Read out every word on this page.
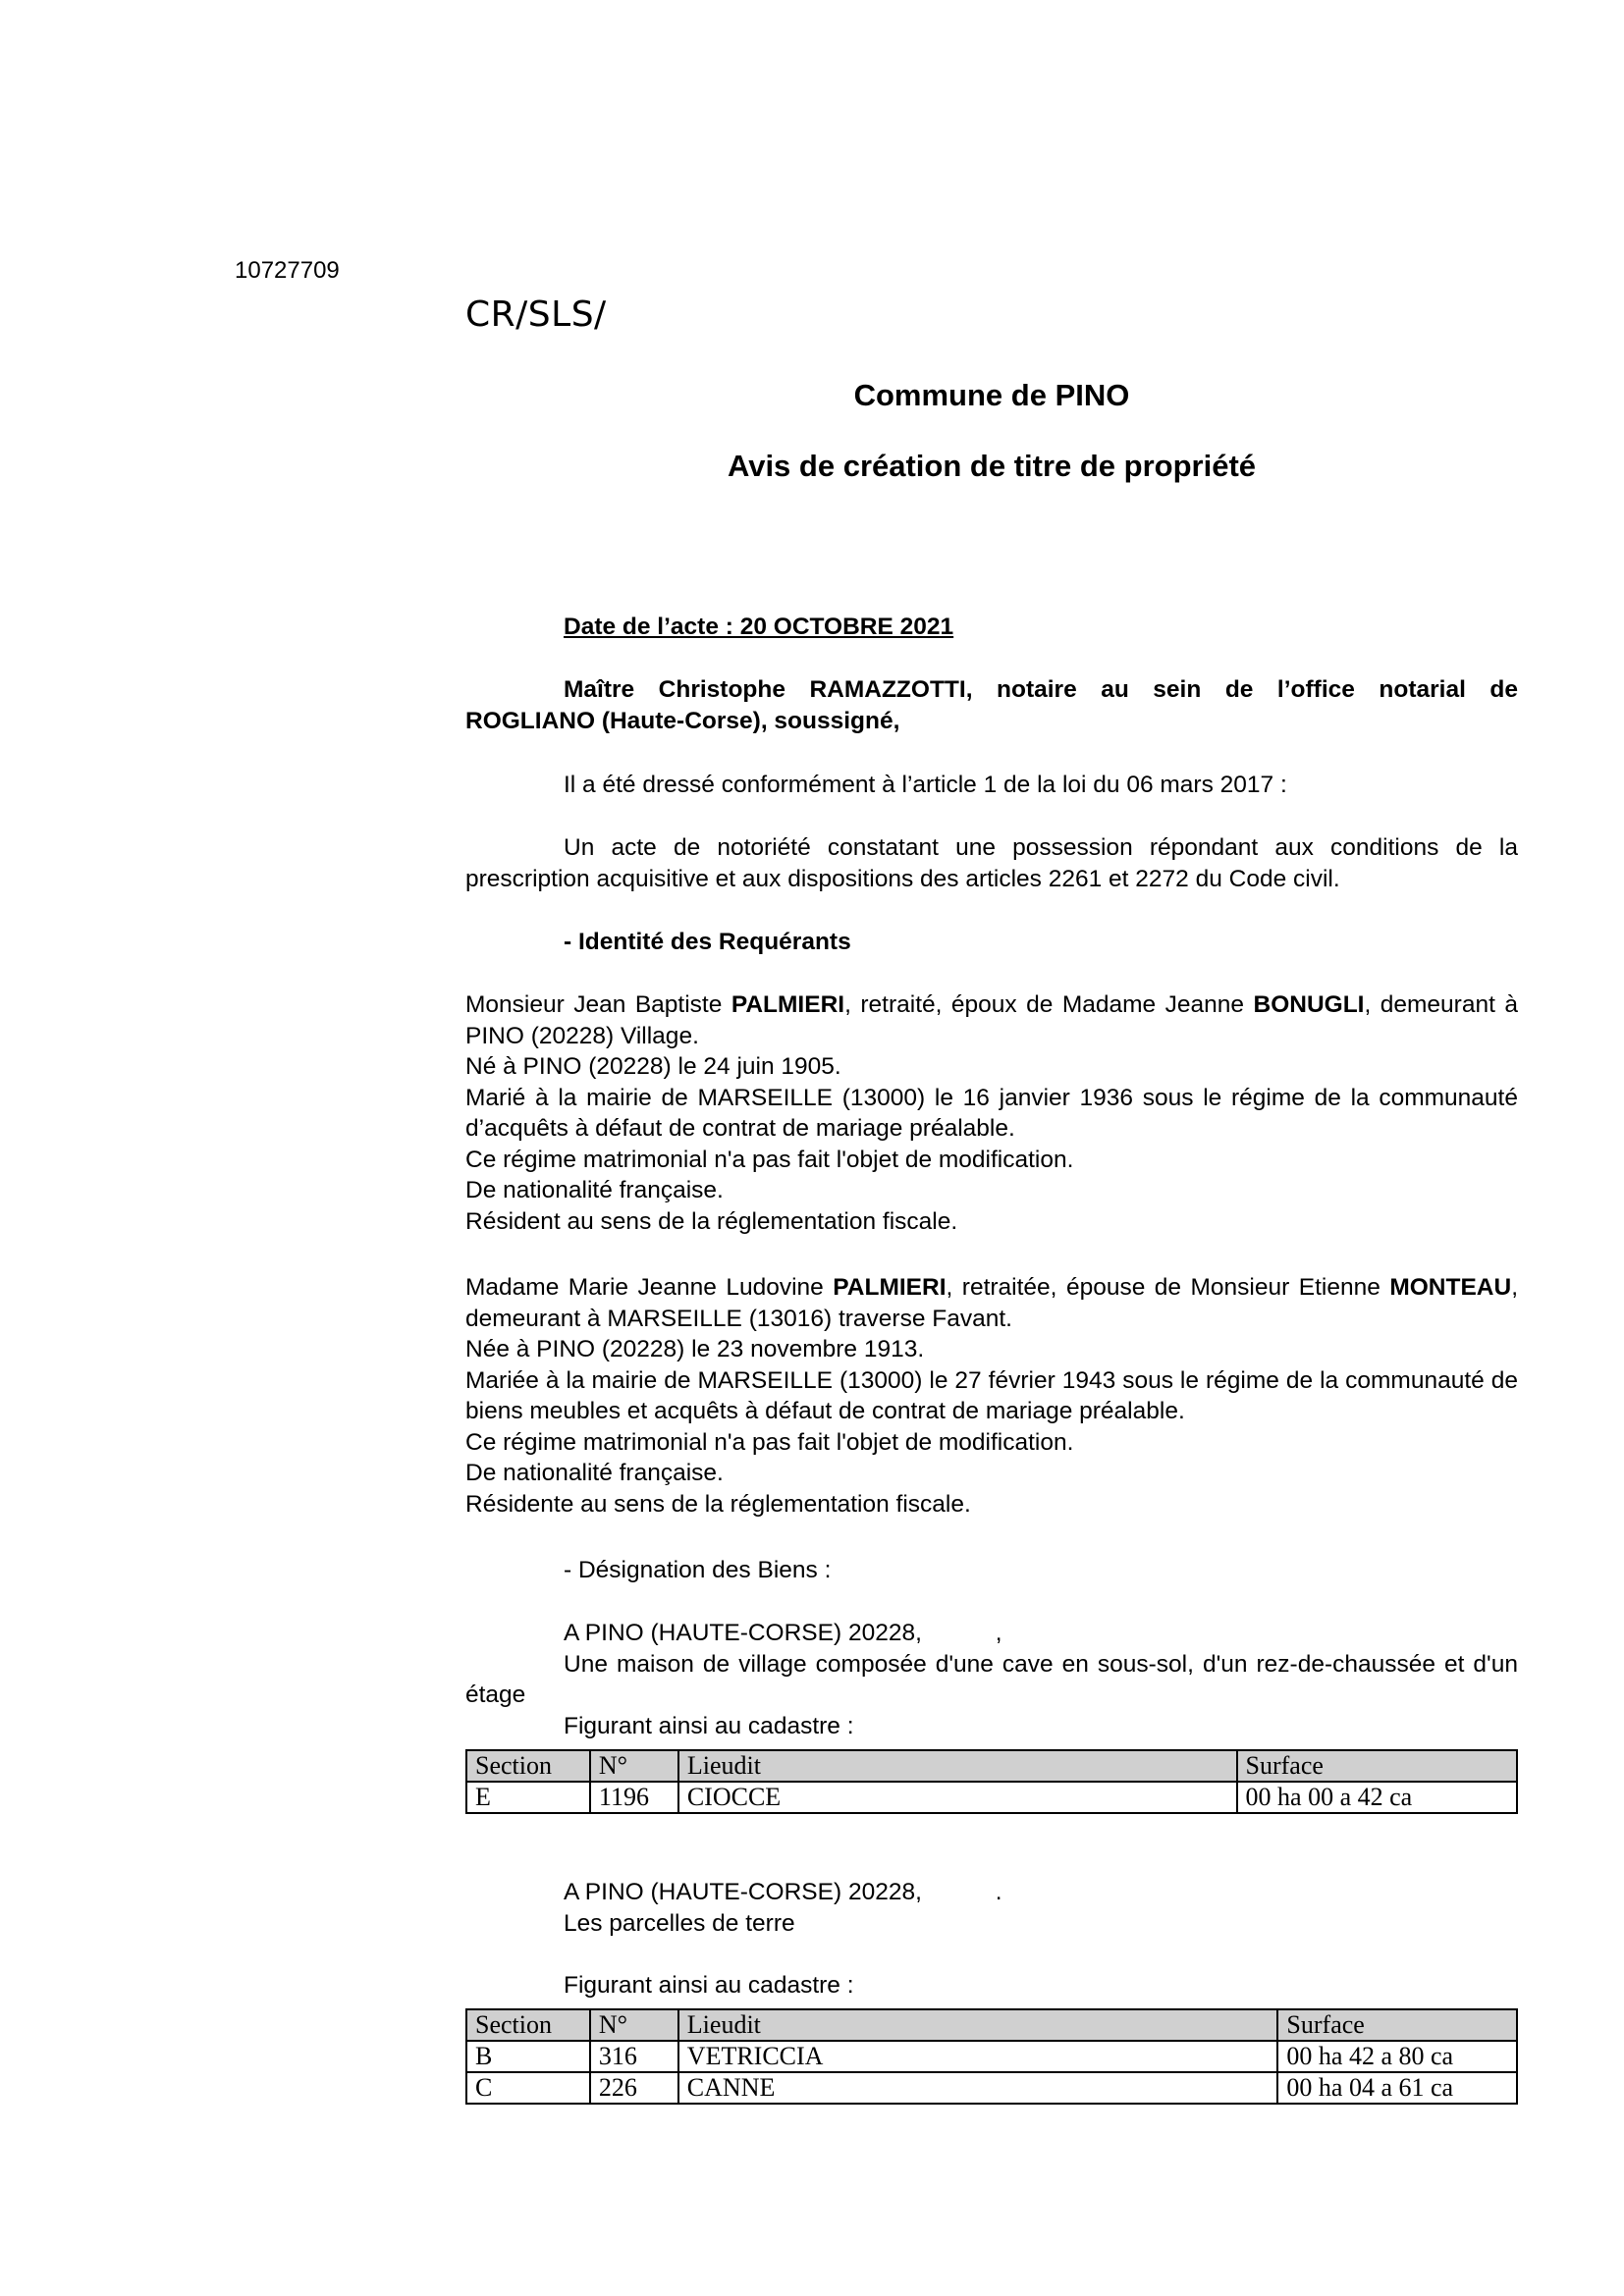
10727709
CR/SLS/
Commune de PINO
Avis de création de titre de propriété

Date de l’acte : 20 OCTOBRE 2021

Maître Christophe RAMAZZOTTI, notaire au sein de l’office notarial de
ROGLIANO (Haute-Corse), soussigné,

Il a été dressé conformément à l’article 1 de la loi du 06 mars 2017 :

Un acte de notoriété constatant une possession répondant aux conditions de la prescription acquisitive et aux dispositions des articles 2261 et 2272 du Code civil.

- Identité des Requérants

Monsieur Jean Baptiste PALMIERI, retraité, époux de Madame Jeanne BONUGLI, demeurant à PINO (20228) Village.

Né à PINO (20228) le 24 juin 1905.

Marié à la mairie de MARSEILLE (13000) le 16 janvier 1936 sous le régime de la communauté d’acquêts à défaut de contrat de mariage préalable.

Ce régime matrimonial n'a pas fait l'objet de modification.

De nationalité française.

Résident au sens de la réglementation fiscale.

Madame Marie Jeanne Ludovine PALMIERI, retraitée, épouse de Monsieur Etienne MONTEAU, demeurant à MARSEILLE (13016) traverse Favant.

Née à PINO (20228) le 23 novembre 1913.

Mariée à la mairie de MARSEILLE (13000) le 27 février 1943 sous le régime de la communauté de biens meubles et acquêts à défaut de contrat de mariage préalable.

Ce régime matrimonial n'a pas fait l'objet de modification.

De nationalité française.

Résidente au sens de la réglementation fiscale.

- Désignation des Biens :

A PINO (HAUTE-CORSE) 20228,           ,

Une maison de village composée d'une cave en sous-sol, d'un rez-de-chaussée et d'un étage

Figurant ainsi au cadastre :

Section	N°	Lieudit	Surface
E	1196	CIOCCE	00 ha 00 a 42 ca

A PINO (HAUTE-CORSE) 20228,           .

Les parcelles de terre

Figurant ainsi au cadastre :

Section	N°	Lieudit	Surface
B	316	VETRICCIA	00 ha 42 a 80 ca
C	226	CANNE	00 ha 04 a 61 ca
